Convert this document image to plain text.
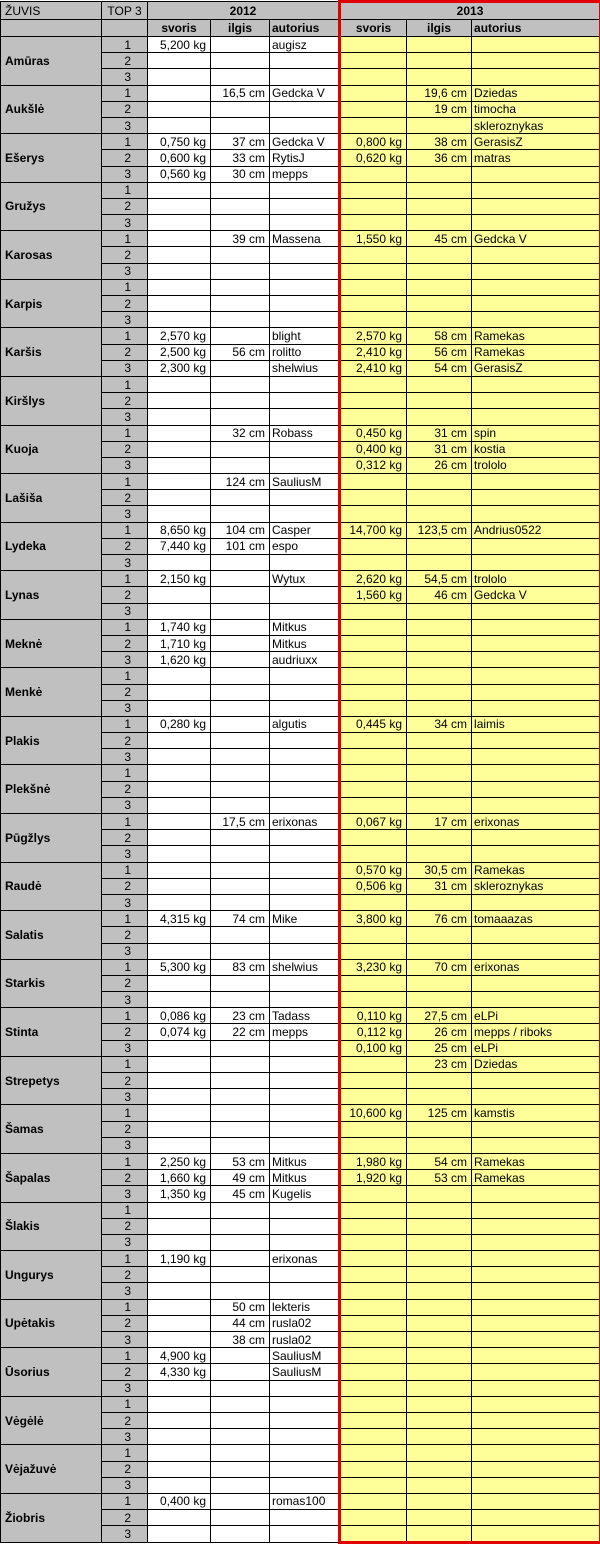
ŽUVIS	TOP 3	2012			2013		
		svoris	ilgis	autorius	svoris	ilgis	autorius
Amūras	1	5,200 kg		augisz			
	2						
	3						
Aukšlė	1		16,5 cm	Gedcka V		19,6 cm	Dziedas
	2					19 cm	timocha
	3						skleroznykas
Ešerys	1	0,750 kg	37 cm	Gedcka V	0,800 kg	38 cm	GerasisZ
	2	0,600 kg	33 cm	RytisJ	0,620 kg	36 cm	matras
	3	0,560 kg	30 cm	mepps			
Gružys	1						
	2						
	3						
Karosas	1		39 cm	Massena	1,550 kg	45 cm	Gedcka V
	2						
	3						
Karpis	1						
	2						
	3						
Karšis	1	2,570 kg		blight	2,570 kg	58 cm	Ramekas
	2	2,500 kg	56 cm	rolitto	2,410 kg	56 cm	Ramekas
	3	2,300 kg		shelwius	2,410 kg	54 cm	GerasisZ
Kiršlys	1						
	2						
	3						
Kuoja	1		32 cm	Robass	0,450 kg	31 cm	spin
	2				0,400 kg	31 cm	kostia
	3				0,312 kg	26 cm	trololo
Lašiša	1		124 cm	SauliusM			
	2						
	3						
Lydeka	1	8,650 kg	104 cm	Casper	14,700 kg	123,5 cm	Andrius0522
	2	7,440 kg	101 cm	espo			
	3						
Lynas	1	2,150 kg		Wytux	2,620 kg	54,5 cm	trololo
	2				1,560 kg	46 cm	Gedcka V
	3						
Meknė	1	1,740 kg		Mitkus			
	2	1,710 kg		Mitkus			
	3	1,620 kg		audriuxx			
Menkė	1						
	2						
	3						
Plakis	1	0,280 kg		algutis	0,445 kg	34 cm	laimis
	2						
	3						
Plekšnė	1						
	2						
	3						
Pūgžlys	1		17,5 cm	erixonas	0,067 kg	17 cm	erixonas
	2						
	3						
Raudė	1				0,570 kg	30,5 cm	Ramekas
	2				0,506 kg	31 cm	skleroznykas
	3						
Salatis	1	4,315 kg	74 cm	Mike	3,800 kg	76 cm	tomaaazas
	2						
	3						
Starkis	1	5,300 kg	83 cm	shelwius	3,230 kg	70 cm	erixonas
	2						
	3						
Stinta	1	0,086 kg	23 cm	Tadass	0,110 kg	27,5 cm	eLPi
	2	0,074 kg	22 cm	mepps	0,112 kg	26 cm	mepps / riboks
	3				0,100 kg	25 cm	eLPi
Strepetys	1					23 cm	Dziedas
	2						
	3						
Šamas	1				10,600 kg	125 cm	kamstis
	2						
	3						
Šapalas	1	2,250 kg	53 cm	Mitkus	1,980 kg	54 cm	Ramekas
	2	1,660 kg	49 cm	Mitkus	1,920 kg	53 cm	Ramekas
	3	1,350 kg	45 cm	Kugelis			
Šlakis	1						
	2						
	3						
Ungurys	1	1,190 kg		erixonas			
	2						
	3						
Upėtakis	1		50 cm	lekteris			
	2		44 cm	rusla02			
	3		38 cm	rusla02			
Ūsorius	1	4,900 kg		SauliusM			
	2	4,330 kg		SauliusM			
	3						
Vėgėlė	1						
	2						
	3						
Vėjažuvė	1						
	2						
	3						
Žiobris	1	0,400 kg		romas100			
	2						
	3						
